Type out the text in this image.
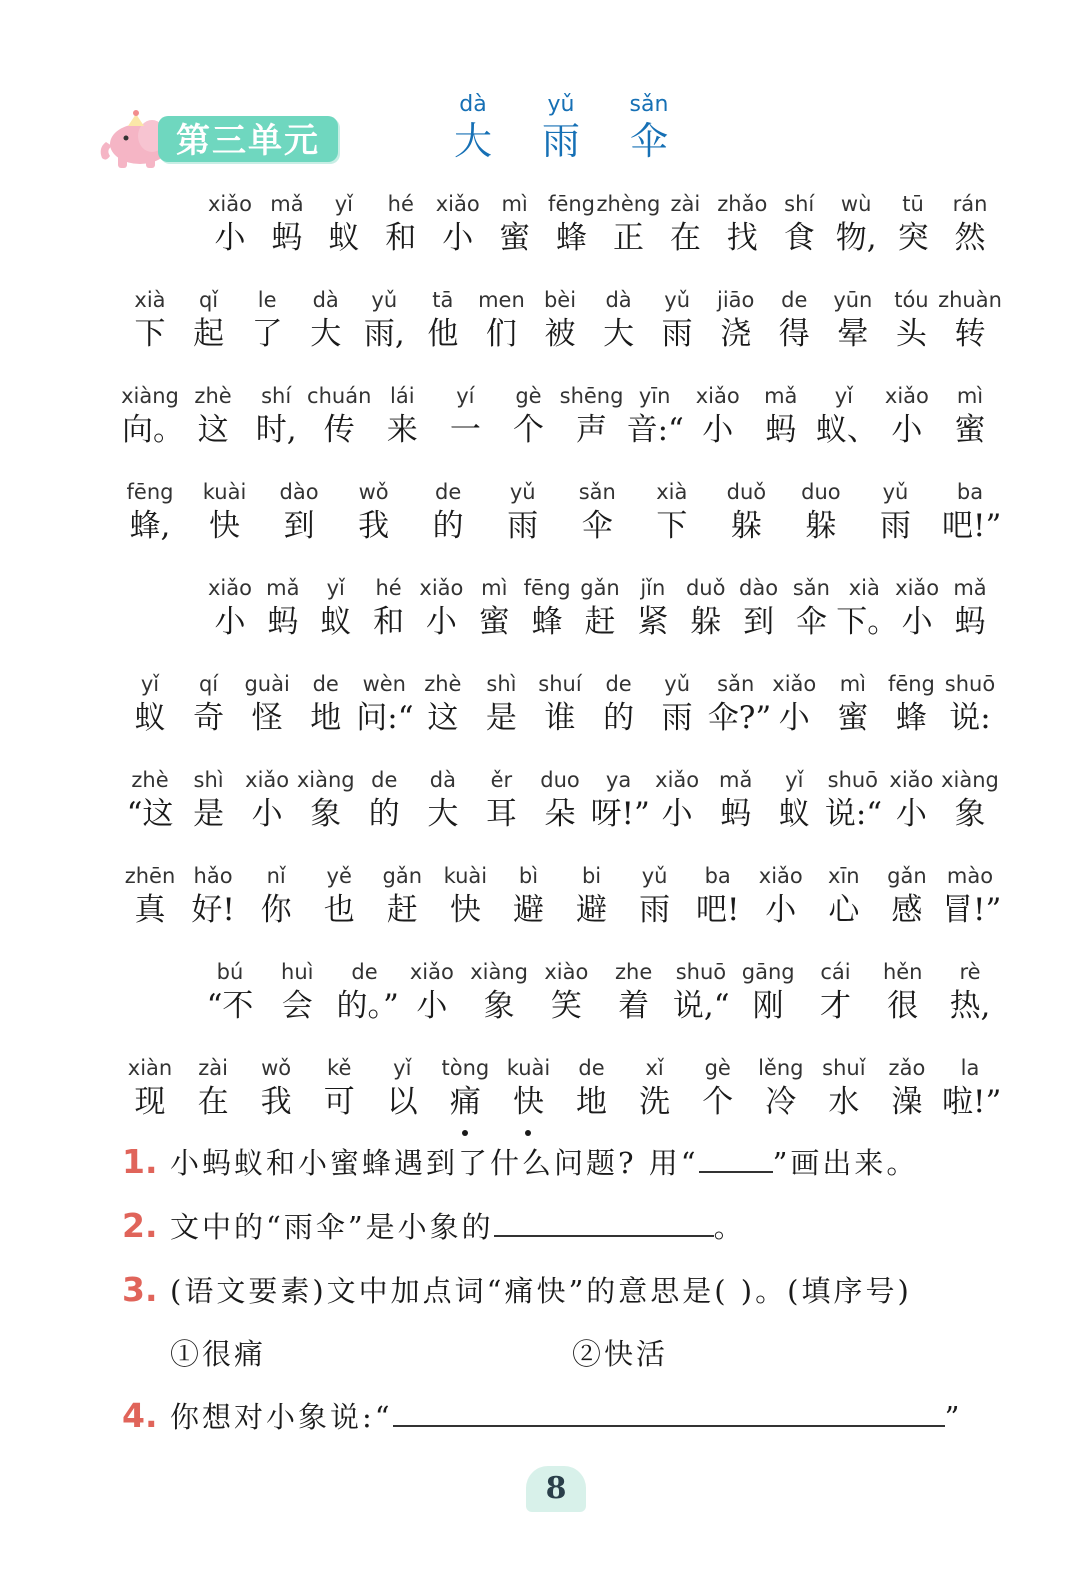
第三单元
dà
大
yǔ
雨
sǎn
伞
xiǎo
小
mǎ
蚂
yǐ
蚁
hé
和
xiǎo
小
mì
蜜
fēng
蜂
zhèng
正
zài
在
zhǎo
找
shí
食
wù
物,
tū
突
rán
然
xià
下
qǐ
起
le
了
dà
大
yǔ
雨,
tā
他
men
们
bèi
被
dà
大
yǔ
雨
jiāo
浇
de
得
yūn
晕
tóu
头
zhuàn
转
xiàng
向。
zhè
这
shí
时,
chuán
传
lái
来
yí
一
gè
个
shēng
声
yīn
音:“
xiǎo
小
mǎ
蚂
yǐ
蚁、
xiǎo
小
mì
蜜
fēng
蜂,
kuài
快
dào
到
wǒ
我
de
的
yǔ
雨
sǎn
伞
xià
下
duǒ
躲
duo
躲
yǔ
雨
ba
吧!”
xiǎo
小
mǎ
蚂
yǐ
蚁
hé
和
xiǎo
小
mì
蜜
fēng
蜂
gǎn
赶
jǐn
紧
duǒ
躲
dào
到
sǎn
伞
xià
下。
xiǎo
小
mǎ
蚂
yǐ
蚁
qí
奇
guài
怪
de
地
wèn
问:“
zhè
这
shì
是
shuí
谁
de
的
yǔ
雨
sǎn
伞?”
xiǎo
小
mì
蜜
fēng
蜂
shuō
说:
zhè
“这
shì
是
xiǎo
小
xiàng
象
de
的
dà
大
ěr
耳
duo
朵
ya
呀!”
xiǎo
小
mǎ
蚂
yǐ
蚁
shuō
说:“
xiǎo
小
xiàng
象
zhēn
真
hǎo
好!
nǐ
你
yě
也
gǎn
赶
kuài
快
bì
避
bi
避
yǔ
雨
ba
吧!
xiǎo
小
xīn
心
gǎn
感
mào
冒!”
bú
“不
huì
会
de
的。”
xiǎo
小
xiàng
象
xiào
笑
zhe
着
shuō
说,“
gāng
刚
cái
才
hěn
很
rè
热,
xiàn
现
zài
在
wǒ
我
kě
可
yǐ
以
tòng
痛
kuài
快
de
地
xǐ
洗
gè
个
lěng
冷
shuǐ
水
zǎo
澡
la
啦!”
1. 小蚂蚁和小蜜蜂遇到了什么问题? 用“	”画出来。
2. 文中的“雨伞”是小象的	。
3. (语文要素)文中加点词“痛快”的意思是( )。(填序号)
①很痛	②快活
4. 你想对小象说:“	”
8
